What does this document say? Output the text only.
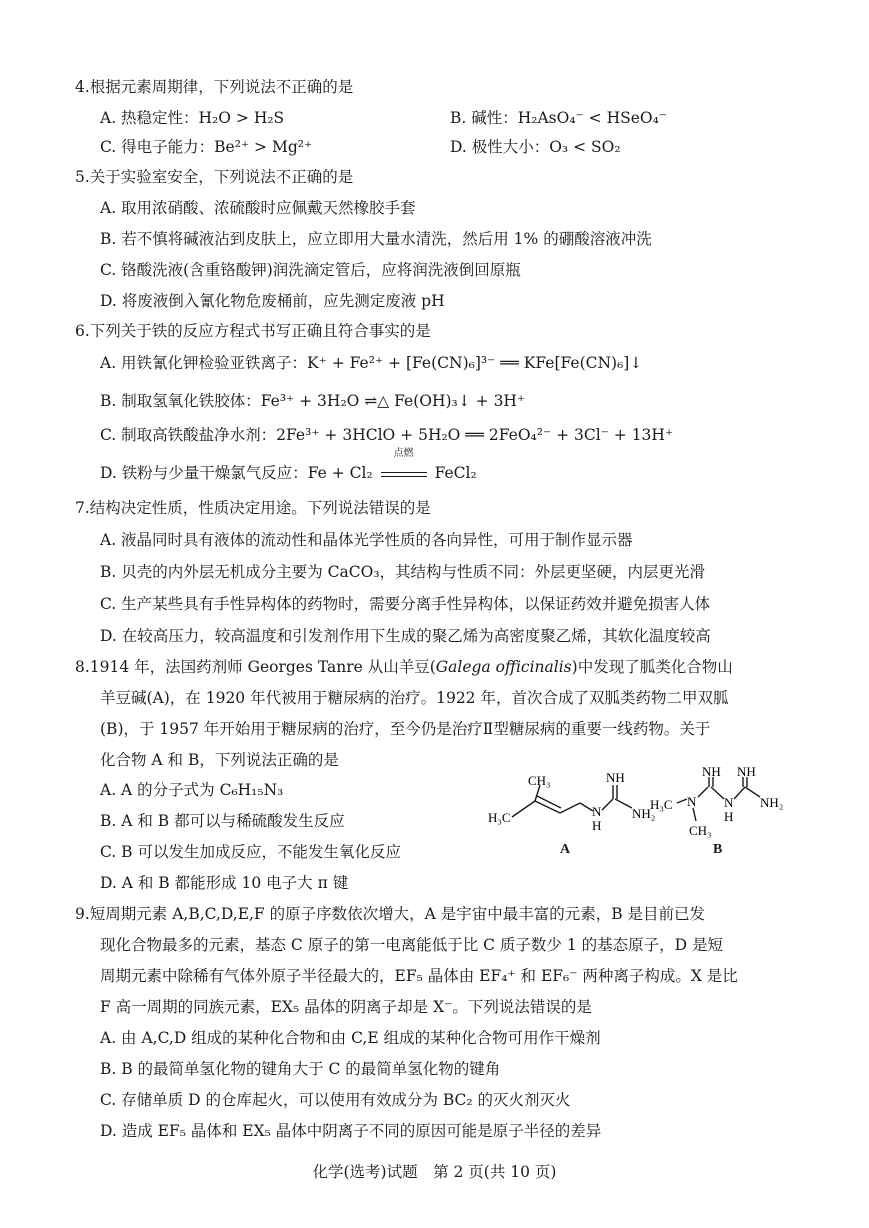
4.根据元素周期律，下列说法不正确的是
A. 热稳定性：H₂O > H₂S	B. 碱性：H₂AsO₄⁻ < HSeO₄⁻
C. 得电子能力：Be²⁺ > Mg²⁺	D. 极性大小：O₃ < SO₂
5.关于实验室安全，下列说法不正确的是
A. 取用浓硝酸、浓硫酸时应佩戴天然橡胶手套
B. 若不慎将碱液沾到皮肤上，应立即用大量水清洗，然后用 1% 的硼酸溶液冲洗
C. 铬酸洗液(含重铬酸钾)润洗滴定管后，应将润洗液倒回原瓶
D. 将废液倒入氰化物危废桶前，应先测定废液 pH
6.下列关于铁的反应方程式书写正确且符合事实的是
A. 用铁氰化钾检验亚铁离子：K⁺ + Fe²⁺ + [Fe(CN)₆]³⁻ ══ KFe[Fe(CN)₆]↓
B. 制取氢氧化铁胶体：Fe³⁺ + 3H₂O ⇌△ Fe(OH)₃↓ + 3H⁺
C. 制取高铁酸盐净水剂：2Fe³⁺ + 3HClO + 5H₂O ══ 2FeO₄²⁻ + 3Cl⁻ + 13H⁺
D. 铁粉与少量干燥氯气反应：Fe + Cl₂
点燃
FeCl₂
7.结构决定性质，性质决定用途。下列说法错误的是
A. 液晶同时具有液体的流动性和晶体光学性质的各向异性，可用于制作显示器
B. 贝壳的内外层无机成分主要为 CaCO₃，其结构与性质不同：外层更坚硬，内层更光滑
C. 生产某些具有手性异构体的药物时，需要分离手性异构体，以保证药效并避免损害人体
D. 在较高压力，较高温度和引发剂作用下生成的聚乙烯为高密度聚乙烯，其软化温度较高
8.1914 年，法国药剂师 Georges Tanre 从山羊豆(Galega officinalis)中发现了胍类化合物山
羊豆碱(A)，在 1920 年代被用于糖尿病的治疗。1922 年，首次合成了双胍类药物二甲双胍
(B)，于 1957 年开始用于糖尿病的治疗，至今仍是治疗Ⅱ型糖尿病的重要一线药物。关于
化合物 A 和 B，下列说法正确的是
A. A 的分子式为 C₆H₁₅N₃
B. A 和 B 都可以与稀硫酸发生反应
C. B 可以发生加成反应，不能发生氧化反应
D. A 和 B 都能形成 10 电子大 π 键
CH₃
H₃C	N
H
NH
NH₂
H₃C N
CH₃
NH
N
H
NH
NH₂
A	B
9.短周期元素 A,B,C,D,E,F 的原子序数依次增大，A 是宇宙中最丰富的元素，B 是目前已发
现化合物最多的元素，基态 C 原子的第一电离能低于比 C 质子数少 1 的基态原子，D 是短
周期元素中除稀有气体外原子半径最大的，EF₅ 晶体由 EF₄⁺ 和 EF₆⁻ 两种离子构成。X 是比
F 高一周期的同族元素，EX₅ 晶体的阴离子却是 X⁻。下列说法错误的是
A. 由 A,C,D 组成的某种化合物和由 C,E 组成的某种化合物可用作干燥剂
B. B 的最简单氢化物的键角大于 C 的最简单氢化物的键角
C. 存储单质 D 的仓库起火，可以使用有效成分为 BC₂ 的灭火剂灭火
D. 造成 EF₅ 晶体和 EX₅ 晶体中阴离子不同的原因可能是原子半径的差异
化学(选考)试题　第 2 页(共 10 页)
